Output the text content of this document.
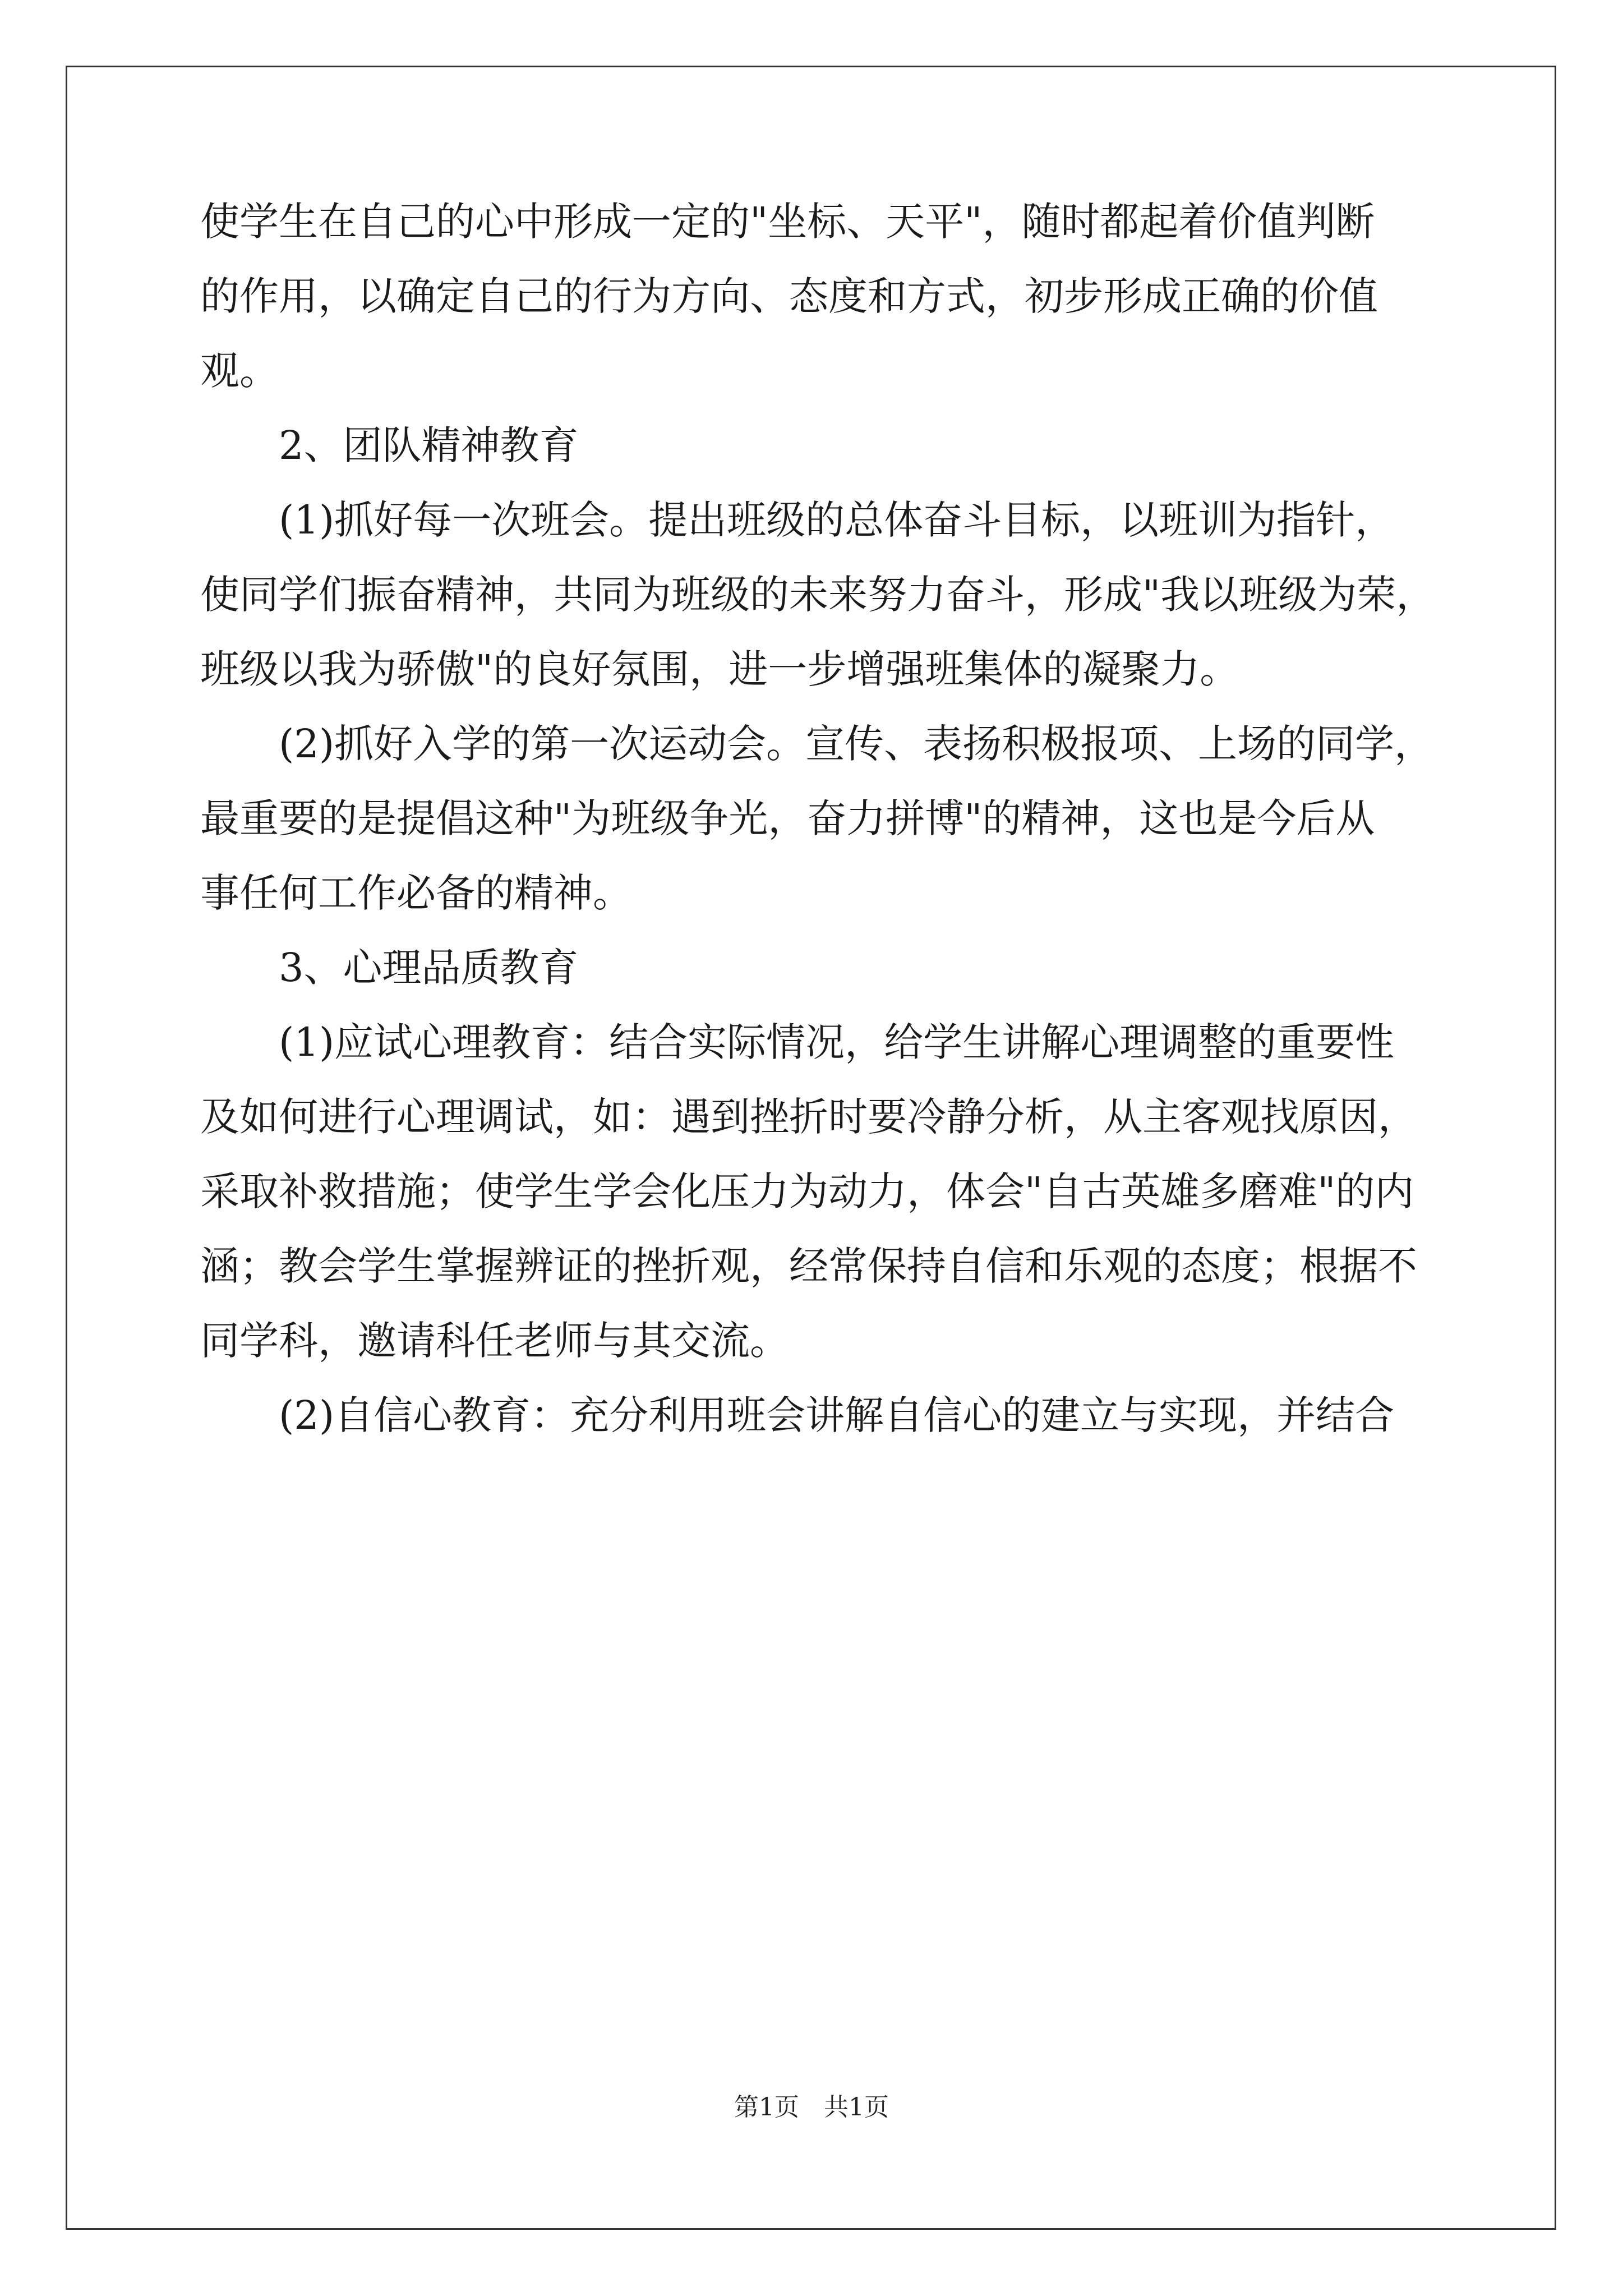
使学生在自己的心中形成一定的"坐标、天平"，随时都起着价值判断
的作用，以确定自己的行为方向、态度和方式，初步形成正确的价值
观。
2、团队精神教育
(1)抓好每一次班会。提出班级的总体奋斗目标，以班训为指针，
使同学们振奋精神，共同为班级的未来努力奋斗，形成"我以班级为荣，
班级以我为骄傲"的良好氛围，进一步增强班集体的凝聚力。
(2)抓好入学的第一次运动会。宣传、表扬积极报项、上场的同学，
最重要的是提倡这种"为班级争光，奋力拼博"的精神，这也是今后从
事任何工作必备的精神。
3、心理品质教育
(1)应试心理教育：结合实际情况，给学生讲解心理调整的重要性
及如何进行心理调试，如：遇到挫折时要冷静分析，从主客观找原因，
采取补救措施；使学生学会化压力为动力，体会"自古英雄多磨难"的内
涵；教会学生掌握辨证的挫折观，经常保持自信和乐观的态度；根据不
同学科，邀请科任老师与其交流。
(2)自信心教育：充分利用班会讲解自信心的建立与实现，并结合
第1页　共1页
